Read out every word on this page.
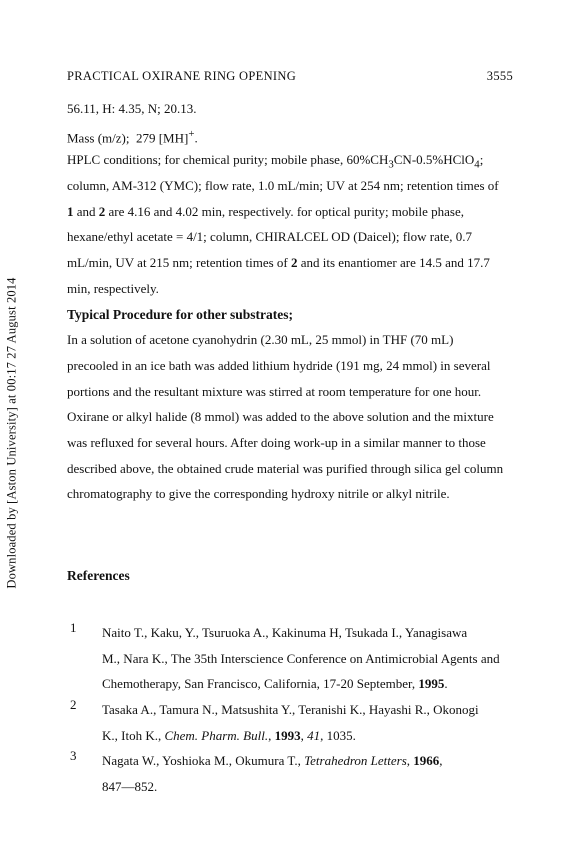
Downloaded by [Aston University] at 00:17 27 August 2014
PRACTICAL OXIRANE RING OPENING	3555
56.11, H: 4.35, N; 20.13.
Mass (m/z); 279 [MH]+.
HPLC conditions; for chemical purity; mobile phase, $60\%CH_3CN-0.5\%HClO_4$;
column, AM-312 (YMC); flow rate, 1.0 mL/min; UV at 254 nm; retention times of
1 and 2 are 4.16 and 4.02 min, respectively. for optical purity; mobile phase,
hexane/ethyl acetate = 4/1; column, CHIRALCEL OD (Daicel); flow rate, 0.7
mL/min, UV at 215 nm; retention times of 2 and its enantiomer are 14.5 and 17.7
min, respectively.
Typical Procedure for other substrates;
In a solution of acetone cyanohydrin (2.30 mL, 25 mmol) in THF (70 mL)
precooled in an ice bath was added lithium hydride (191 mg, 24 mmol) in several
portions and the resultant mixture was stirred at room temperature for one hour.
Oxirane or alkyl halide (8 mmol) was added to the above solution and the mixture
was refluxed for several hours. After doing work-up in a similar manner to those
described above, the obtained crude material was purified through silica gel column
chromatography to give the corresponding hydroxy nitrile or alkyl nitrile.
References
1 Naito T., Kaku, Y., Tsuruoka A., Kakinuma H, Tsukada I., Yanagisawa
M., Nara K., The 35th Interscience Conference on Antimicrobial Agents and
Chemotherapy, San Francisco, California, 17-20 September, 1995.
2 Tasaka A., Tamura N., Matsushita Y., Teranishi K., Hayashi R., Okonogi
K., Itoh K., Chem. Pharm. Bull., 1993, 41, 1035.
3 Nagata W., Yoshioka M., Okumura T., Tetrahedron Letters, 1966,
847—852.
